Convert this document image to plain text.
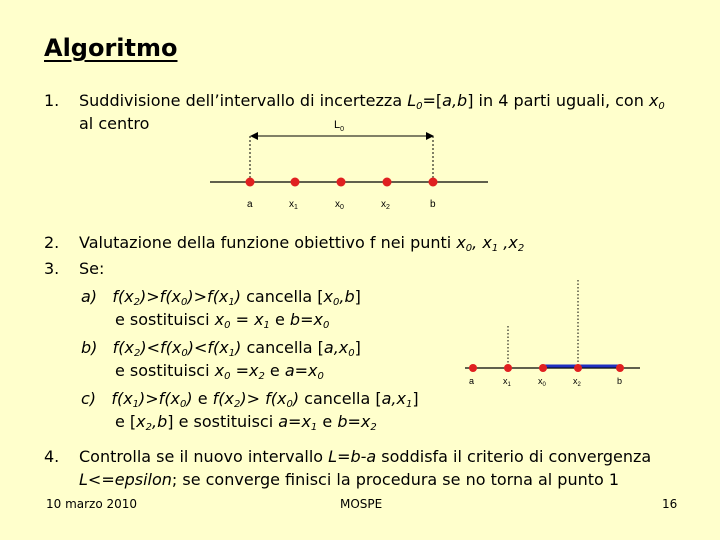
Algoritmo
1. Suddivisione dell’intervallo di incertezza $L_0=[a,b]$ in 4 parti uguali, con $x_0$
al centro	$L_0$
a	$x_1$	$x_0$	$x_2$	b
2. Valutazione della funzione obiettivo f nei punti $x_0$, $x_1$ $,x_2$
3. Se:
a) $f(x_2)>f(x_0)>f(x_1)$ cancella $[x_0,b]$
e sostituisci $x_0 = x_1$ e $b=x_0$
b) $f(x_2)<f(x_0)<f(x_1)$ cancella $[a,x_0]$
e sostituisci $x_0 =x_2$ e $a=x_0$
c) $f(x_1)>f(x_0)$ e $f(x_2)> f(x_0)$ cancella $[a,x_1]$
e $[x_2,b]$ e sostituisci $a=x_1$ e $b=x_2$
a	$x_1$	$x_0$	$x_2$	b
4. Controlla se il nuovo intervallo L=b-a soddisfa il criterio di convergenza
L<=epsilon; se converge finisci la procedura se no torna al punto 1
10 marzo 2010	MOSPE	16
